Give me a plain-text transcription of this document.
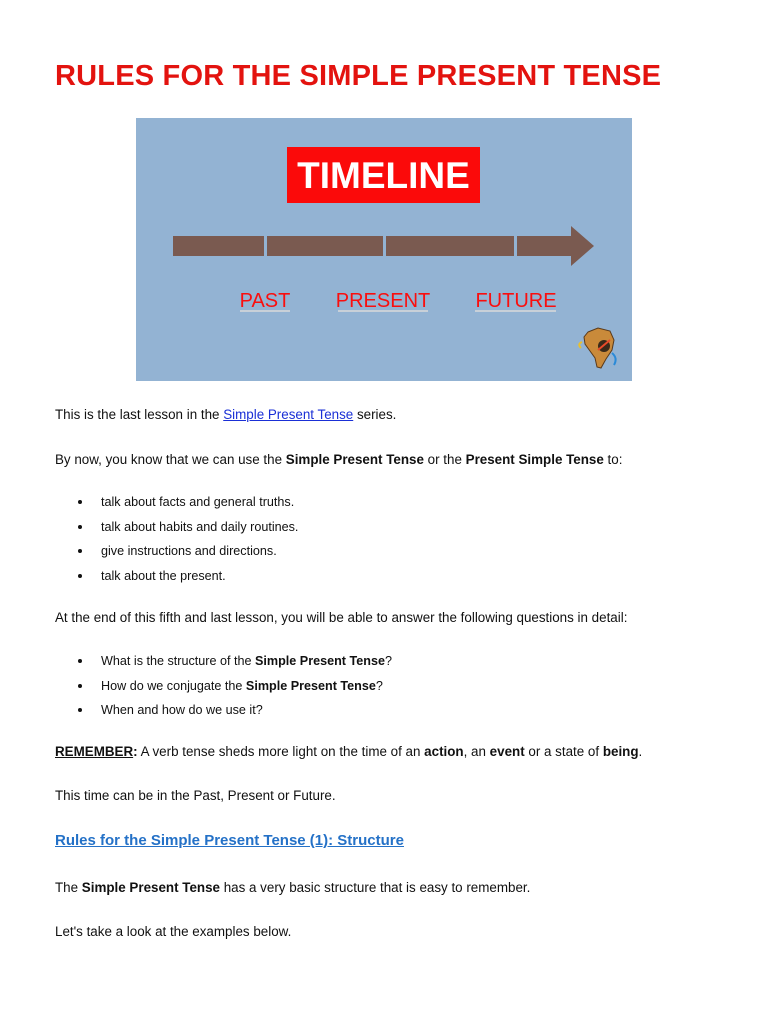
RULES FOR THE SIMPLE PRESENT TENSE
TIMELINE
PAST PRESENT FUTURE
This is the last lesson in the Simple Present Tense series.
By now, you know that we can use the Simple Present Tense or the Present Simple Tense to:
talk about facts and general truths.
talk about habits and daily routines.
give instructions and directions.
talk about the present.
At the end of this fifth and last lesson, you will be able to answer the following questions in detail:
What is the structure of the Simple Present Tense?
How do we conjugate the Simple Present Tense?
When and how do we use it?
REMEMBER: A verb tense sheds more light on the time of an action, an event or a state of being.
This time can be in the Past, Present or Future.
Rules for the Simple Present Tense (1): Structure
The Simple Present Tense has a very basic structure that is easy to remember.
Let's take a look at the examples below.
